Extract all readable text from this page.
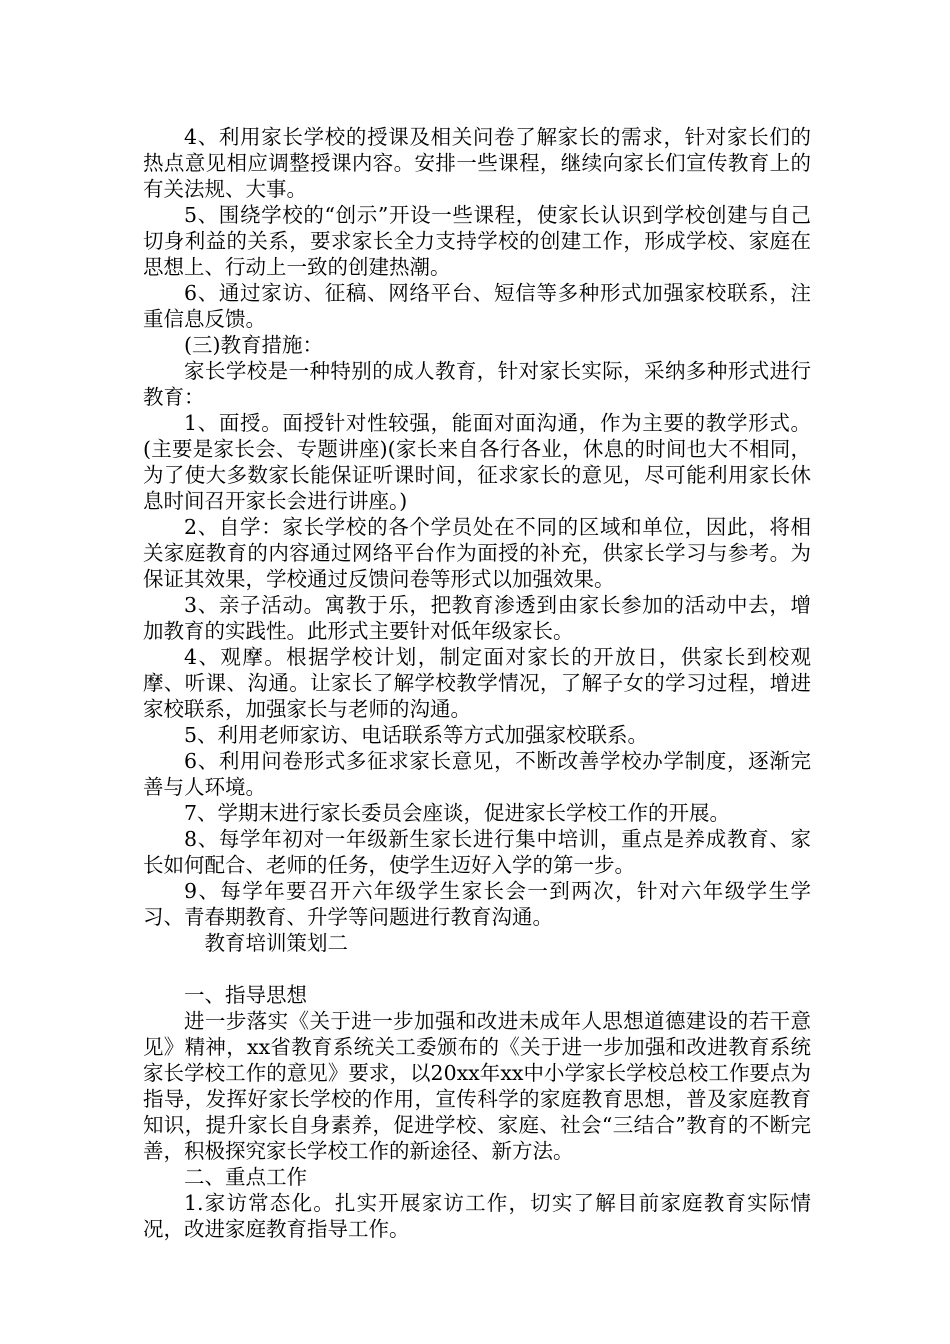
4、利用家长学校的授课及相关问卷了解家长的需求，针对家长们的热点意见相应调整授课内容。安排一些课程，继续向家长们宣传教育上的有关法规、大事。

5、围绕学校的“创示”开设一些课程，使家长认识到学校创建与自己切身利益的关系，要求家长全力支持学校的创建工作，形成学校、家庭在思想上、行动上一致的创建热潮。

6、通过家访、征稿、网络平台、短信等多种形式加强家校联系，注重信息反馈。

(三)教育措施：

家长学校是一种特别的成人教育，针对家长实际，采纳多种形式进行教育：

1、面授。面授针对性较强，能面对面沟通，作为主要的教学形式。(主要是家长会、专题讲座)(家长来自各行各业，休息的时间也大不相同，为了使大多数家长能保证听课时间，征求家长的意见，尽可能利用家长休息时间召开家长会进行讲座。)

2、自学：家长学校的各个学员处在不同的区域和单位，因此，将相关家庭教育的内容通过网络平台作为面授的补充，供家长学习与参考。为保证其效果，学校通过反馈问卷等形式以加强效果。

3、亲子活动。寓教于乐，把教育渗透到由家长参加的活动中去，增加教育的实践性。此形式主要针对低年级家长。

4、观摩。根据学校计划，制定面对家长的开放日，供家长到校观摩、听课、沟通。让家长了解学校教学情况，了解子女的学习过程，增进家校联系，加强家长与老师的沟通。

5、利用老师家访、电话联系等方式加强家校联系。

6、利用问卷形式多征求家长意见，不断改善学校办学制度，逐渐完善与人环境。

7、学期末进行家长委员会座谈，促进家长学校工作的开展。

8、每学年初对一年级新生家长进行集中培训，重点是养成教育、家长如何配合、老师的任务，使学生迈好入学的第一步。

9、每学年要召开六年级学生家长会一到两次，针对六年级学生学习、青春期教育、升学等问题进行教育沟通。

教育培训策划二

一、指导思想

进一步落实《关于进一步加强和改进未成年人思想道德建设的若干意见》精神，xx省教育系统关工委颁布的《关于进一步加强和改进教育系统家长学校工作的意见》要求，以20xx年xx中小学家长学校总校工作要点为指导，发挥好家长学校的作用，宣传科学的家庭教育思想，普及家庭教育知识，提升家长自身素养，促进学校、家庭、社会“三结合”教育的不断完善，积极探究家长学校工作的新途径、新方法。

二、重点工作

1.家访常态化。扎实开展家访工作，切实了解目前家庭教育实际情况，改进家庭教育指导工作。
